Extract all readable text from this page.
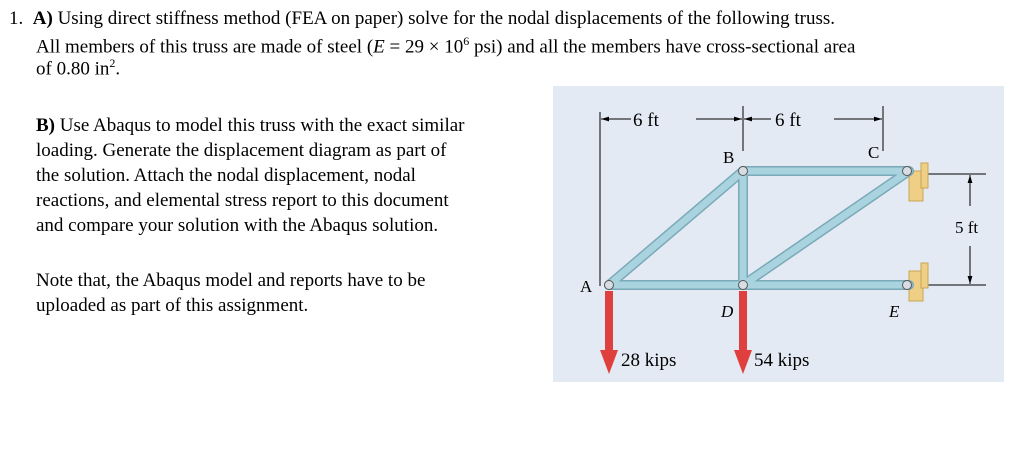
1. A) Using direct stiffness method (FEA on paper) solve for the nodal displacements of the following truss.
All members of this truss are made of steel ($E = 29 \times 10^6$ psi) and all the members have cross-sectional area
of 0.80 $in^2$.
B) Use Abaqus to model this truss with the exact similar
loading. Generate the displacement diagram as part of
the solution. Attach the nodal displacement, nodal
reactions, and elemental stress report to this document
and compare your solution with the Abaqus solution.
Note that, the Abaqus model and reports have to be
uploaded as part of this assignment.
6 ft	6 ft
5 ft
A
B	C
D	E
28 kips	54 kips
